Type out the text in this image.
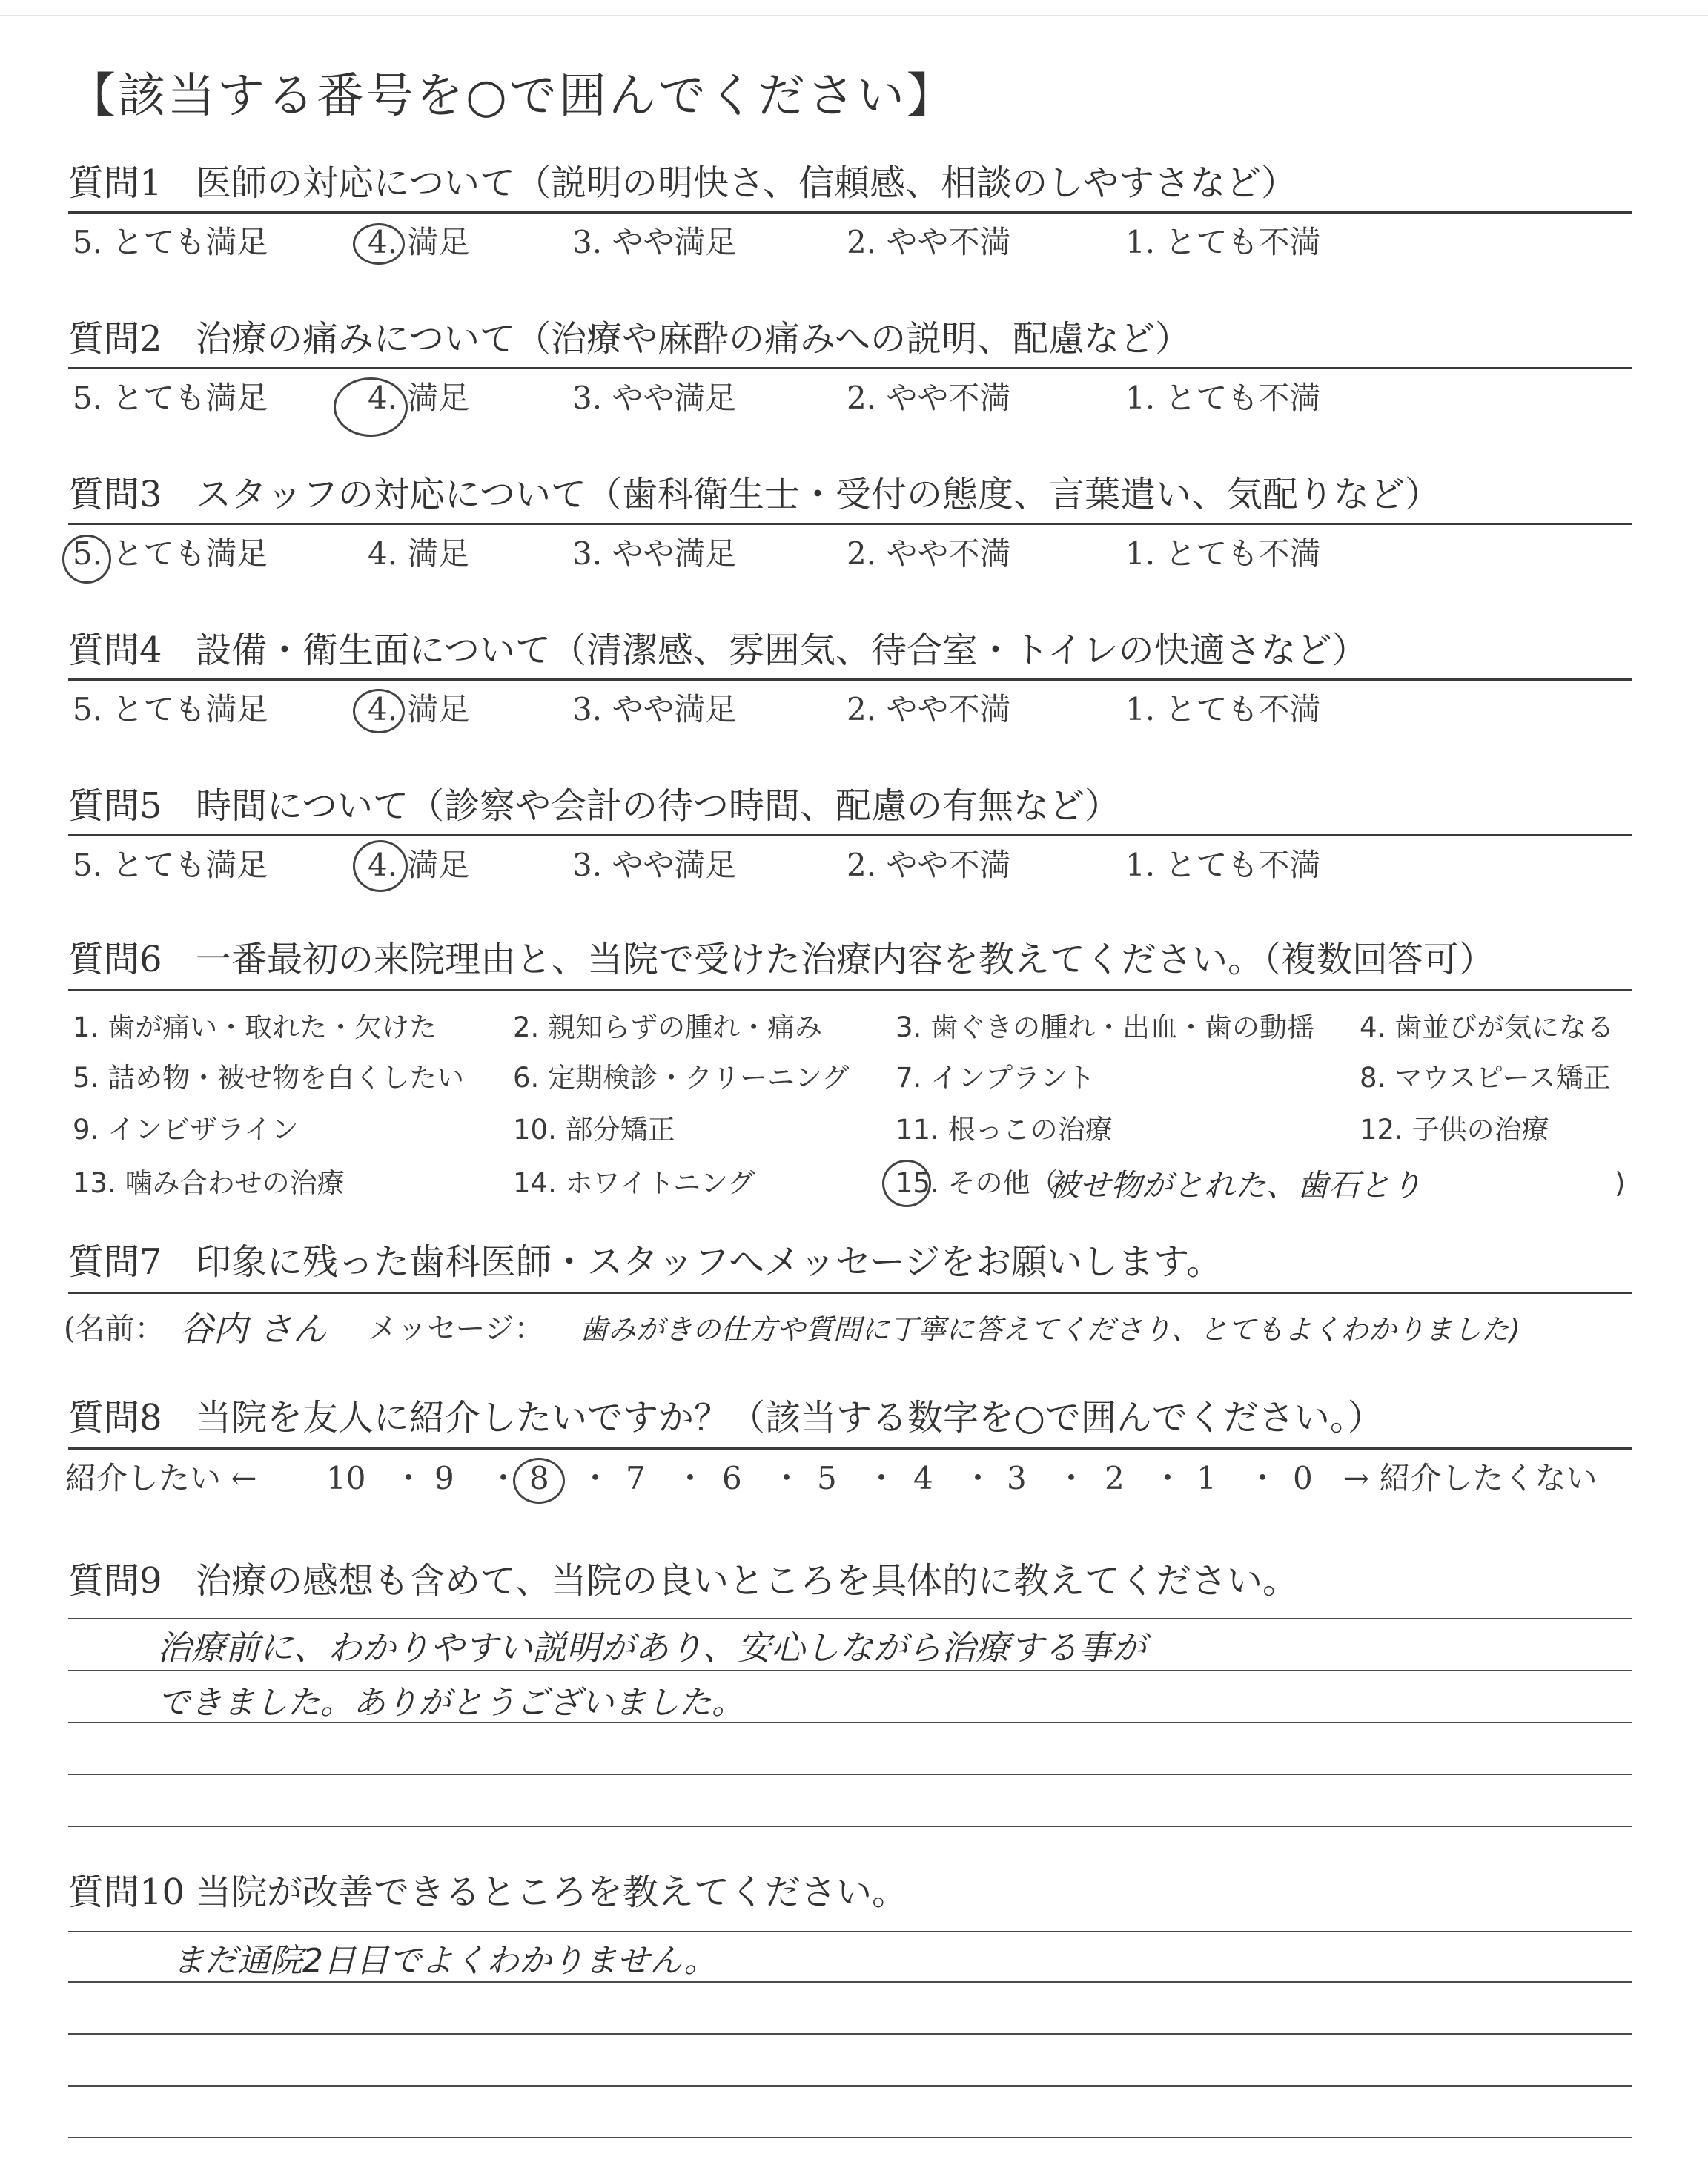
【該当する番号を○で囲んでください】
質問1 医師の対応について（説明の明快さ、信頼感、相談のしやすさなど）
5. とても満足	4. 満足	3. やや満足	2. やや不満	1. とても不満
質問2 治療の痛みについて（治療や麻酔の痛みへの説明、配慮など）
5. とても満足	4. 満足	3. やや満足	2. やや不満	1. とても不満
質問3 スタッフの対応について（歯科衛生士・受付の態度、言葉遣い、気配りなど）
5. とても満足	4. 満足	3. やや満足	2. やや不満	1. とても不満
質問4 設備・衛生面について（清潔感、雰囲気、待合室・トイレの快適さなど）
5. とても満足	4. 満足	3. やや満足	2. やや不満	1. とても不満
質問5 時間について（診察や会計の待つ時間、配慮の有無など）
5. とても満足	4. 満足	3. やや満足	2. やや不満	1. とても不満
質問6 一番最初の来院理由と、当院で受けた治療内容を教えてください。（複数回答可）
1. 歯が痛い・取れた・欠けた	2. 親知らずの腫れ・痛み	3. 歯ぐきの腫れ・出血・歯の動揺 4. 歯並びが気になる
5. 詰め物・被せ物を白くしたい 6. 定期検診・クリーニング 7. インプラント	8. マウスピース矯正
9. インビザライン	10. 部分矯正	11. 根っこの治療	12. 子供の治療
13. 噛み合わせの治療	14. ホワイトニング	15. その他（
被せ物がとれた、歯石とり	)
質問7 印象に残った歯科医師・スタッフへメッセージをお願いします。
(名前： 谷内 さん メッセージ： 歯みがきの仕方や質問に丁寧に答えてくださり、とてもよくわかりました)
質問8 当院を友人に紹介したいですか？（該当する数字を○で囲んでください。）
紹介したい ← 10 ・ 9 ・ 8 ・ 7 ・ 6 ・ 5 ・ 4 ・ 3 ・ 2 ・ 1 ・ 0 → 紹介したくない
質問9 治療の感想も含めて、当院の良いところを具体的に教えてください。
治療前に、わかりやすい説明があり、安心しながら治療する事が
できました。ありがとうございました。
質問10 当院が改善できるところを教えてください。
まだ通院2日目でよくわかりません。
